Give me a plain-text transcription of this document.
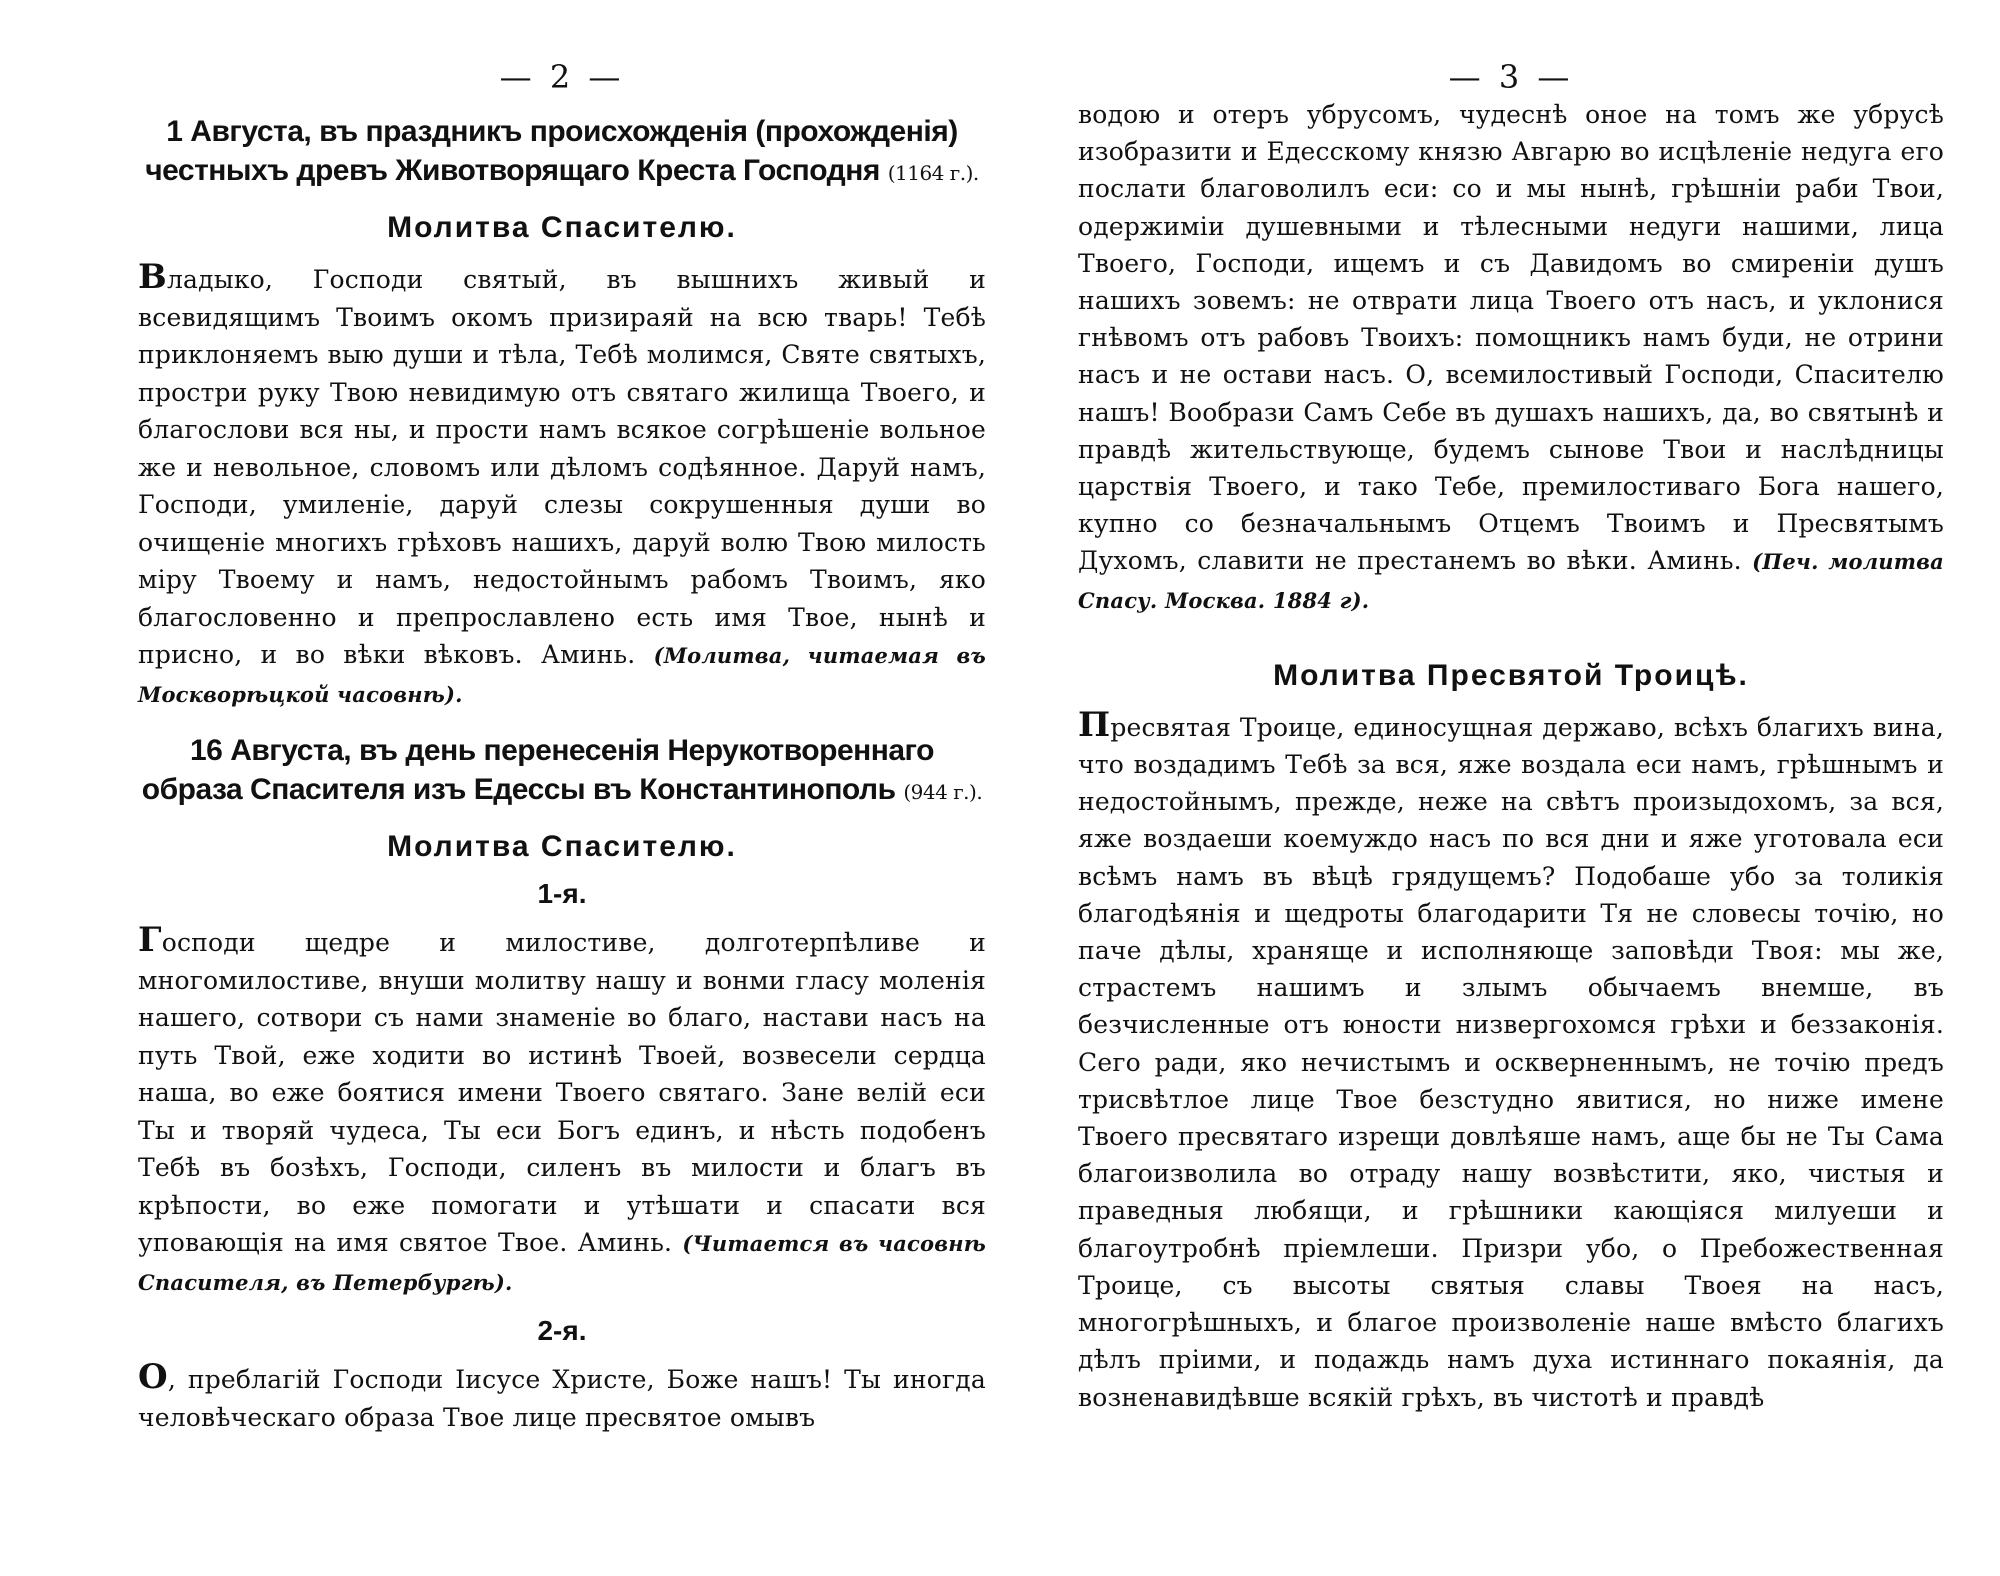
— 2 —

1 Августа, въ праздникъ происхожденія (прохожденія) честныхъ древъ Животворящаго Креста Господня (1164 г.).

Молитва Спасителю.

Владыко, Господи святый, въ вышнихъ живый и всевидящимъ Твоимъ окомъ призираяй на всю тварь! Тебѣ приклоняемъ выю души и тѣла, Тебѣ молимся, Святе святыхъ, простри руку Твою невидимую отъ святаго жилища Твоего, и благослови вся ны, и прости намъ всякое согрѣшеніе вольное же и невольное, словомъ или дѣломъ содѣянное. Даруй намъ, Господи, умиленіе, даруй слезы сокрушенныя души во очищеніе многихъ грѣховъ нашихъ, даруй волю Твою милость міру Твоему и намъ, недостойнымъ рабомъ Твоимъ, яко благословенно и препрославлено есть имя Твое, нынѣ и присно, и во вѣки вѣковъ. Аминь. (Молитва, читаемая въ Москворѣцкой часовнѣ).

16 Августа, въ день перенесенія Нерукотвореннаго образа Спасителя изъ Едессы въ Константинополь (944 г.).

Молитва Спасителю.
1-я.

Господи щедре и милостиве, долготерпѣливе и многомилостиве, внуши молитву нашу и вонми гласу моленія нашего, сотвори съ нами знаменіе во благо, настави насъ на путь Твой, еже ходити во истинѣ Твоей, возвесели сердца наша, во еже боятися имени Твоего святаго. Зане велій еси Ты и творяй чудеса, Ты еси Богъ единъ, и нѣсть подобенъ Тебѣ въ бозѣхъ, Господи, силенъ въ милости и благъ въ крѣпости, во еже помогати и утѣшати и спасати вся уповающія на имя святое Твое. Аминь. (Читается въ часовнѣ Спасителя, въ Петербургѣ).

2-я.

О, преблагій Господи Іисусе Христе, Боже нашъ! Ты иногда человѣческаго образа Твое лице пресвятое омывъ

— 3 —

водою и отеръ убрусомъ, чудеснѣ оное на томъ же убрусѣ изобразити и Едесскому князю Авгарю во исцѣленіе недуга его послати благоволилъ еси: со и мы нынѣ, грѣшніи раби Твои, одержиміи душевными и тѣлесными недуги нашими, лица Твоего, Господи, ищемъ и съ Давидомъ во смиреніи душъ нашихъ зовемъ: не отврати лица Твоего отъ насъ, и уклонися гнѣвомъ отъ рабовъ Твоихъ: помощникъ намъ буди, не отрини насъ и не остави насъ. О, всемилостивый Господи, Спасителю нашъ! Вообрази Самъ Себе въ душахъ нашихъ, да, во святынѣ и правдѣ жительствующе, будемъ сынове Твои и наслѣдницы царствія Твоего, и тако Тебе, премилостиваго Бога нашего, купно со безначальнымъ Отцемъ Твоимъ и Пресвятымъ Духомъ, славити не престанемъ во вѣки. Аминь. (Печ. молитва Спасу. Москва. 1884 г).

Молитва Пресвятой Троицѣ.

Пресвятая Троице, единосущная державо, всѣхъ благихъ вина, что воздадимъ Тебѣ за вся, яже воздала еси намъ, грѣшнымъ и недостойнымъ, прежде, неже на свѣтъ произыдохомъ, за вся, яже воздаеши коемуждо насъ по вся дни и яже уготовала еси всѣмъ намъ въ вѣцѣ грядущемъ? Подобаше убо за толикія благодѣянія и щедроты благодарити Тя не словесы точію, но паче дѣлы, храняще и исполняюще заповѣди Твоя: мы же, страстемъ нашимъ и злымъ обычаемъ внемше, въ безчисленные отъ юности низвергохомся грѣхи и беззаконія. Сего ради, яко нечистымъ и оскверненнымъ, не точію предъ трисвѣтлое лице Твое безстудно явитися, но ниже имене Твоего пресвятаго изрещи довлѣяше намъ, аще бы не Ты Сама благоизволила во отраду нашу возвѣстити, яко, чистыя и праведныя любящи, и грѣшники кающіяся милуеши и благоутробнѣ пріемлеши. Призри убо, о Пребожественная Троице, съ высоты святыя славы Твоея на насъ, многогрѣшныхъ, и благое произволеніе наше вмѣсто благихъ дѣлъ пріими, и подаждь намъ духа истиннаго покаянія, да возненавидѣвше всякій грѣхъ, въ чистотѣ и правдѣ
